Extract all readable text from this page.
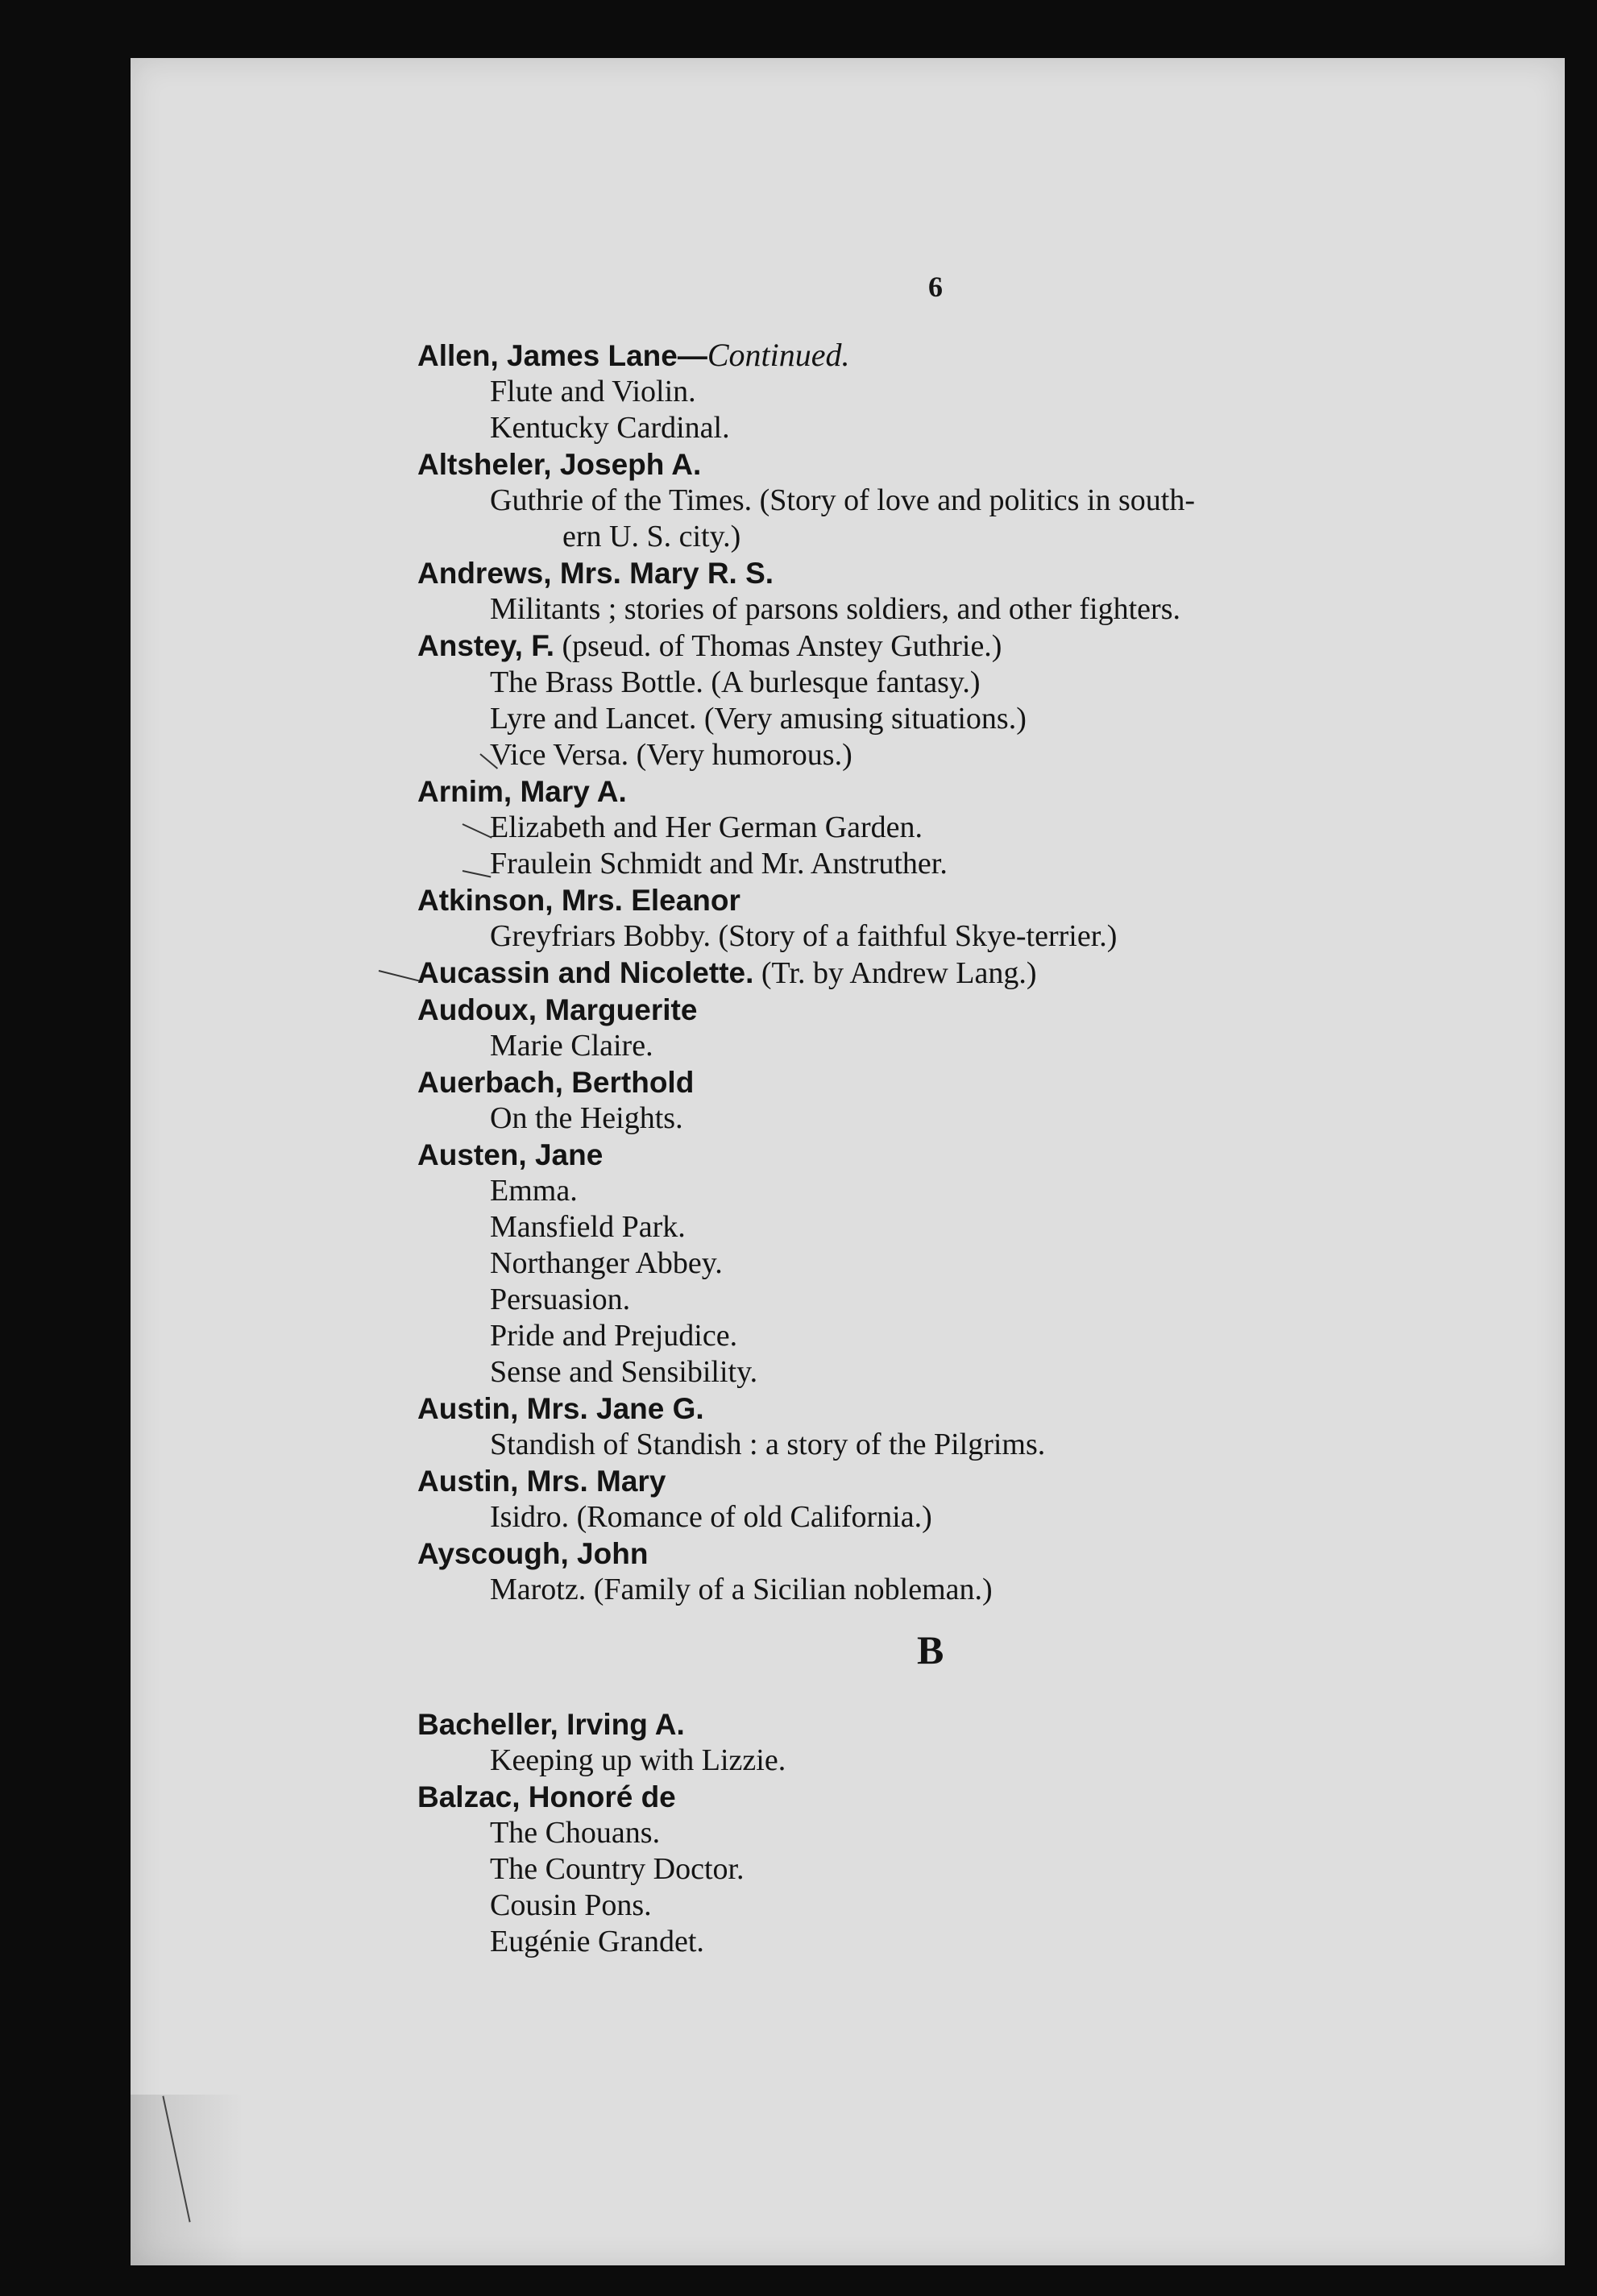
6
Allen, James Lane—Continued.
Flute and Violin.
Kentucky Cardinal.
Altsheler, Joseph A.
Guthrie of the Times. (Story of love and politics in south-
ern U. S. city.)
Andrews, Mrs. Mary R. S.
Militants ; stories of parsons soldiers, and other fighters.
Anstey, F. (pseud. of Thomas Anstey Guthrie.)
The Brass Bottle. (A burlesque fantasy.)
Lyre and Lancet. (Very amusing situations.)
Vice Versa. (Very humorous.)
Arnim, Mary A.
Elizabeth and Her German Garden.
Fraulein Schmidt and Mr. Anstruther.
Atkinson, Mrs. Eleanor
Greyfriars Bobby. (Story of a faithful Skye-terrier.)
Aucassin and Nicolette. (Tr. by Andrew Lang.)
Audoux, Marguerite
Marie Claire.
Auerbach, Berthold
On the Heights.
Austen, Jane
Emma.
Mansfield Park.
Northanger Abbey.
Persuasion.
Pride and Prejudice.
Sense and Sensibility.
Austin, Mrs. Jane G.
Standish of Standish : a story of the Pilgrims.
Austin, Mrs. Mary
Isidro. (Romance of old California.)
Ayscough, John
Marotz. (Family of a Sicilian nobleman.)
B
Bacheller, Irving A.
Keeping up with Lizzie.
Balzac, Honoré de
The Chouans.
The Country Doctor.
Cousin Pons.
Eugénie Grandet.
